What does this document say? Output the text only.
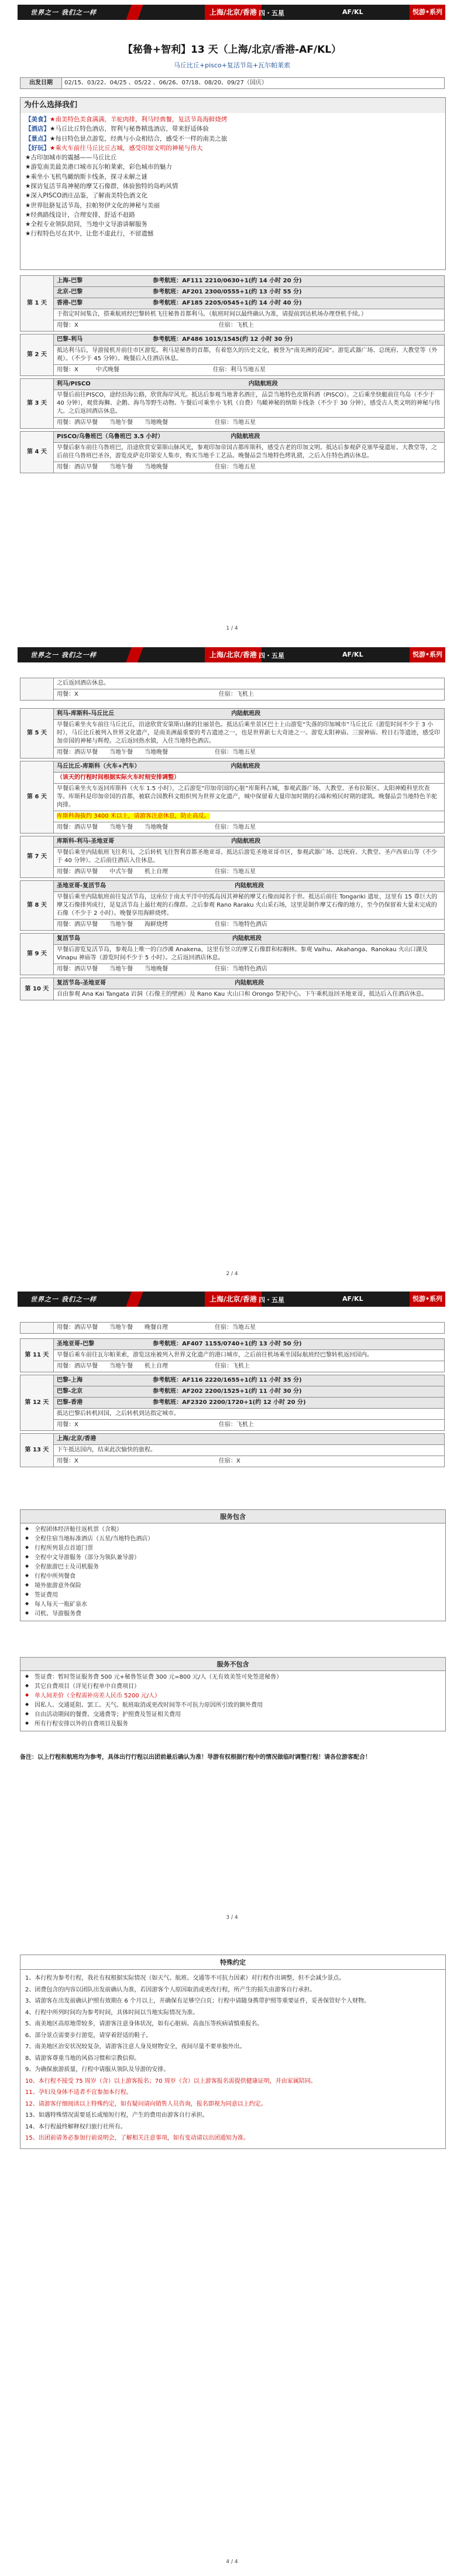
世界之一 我们之一样	上海/北京/香港 四・五星	AF/KL	悦游•系列
【秘鲁+智利】13 天（上海/北京/香港-AF/KL）
马丘比丘+pisco+复活节岛+瓦尔帕莱索
出发日期	02/15、03/22、04/25 、05/22 、06/26、07/18、08/20、09/27（国庆）
为什么选择我们
【美食】★南美特色美食满满，羊驼肉排，利马经典餐，复活节岛海鲜烧烤
【酒店】★马丘比丘特色酒店，智利与秘鲁精选酒店，带来舒适体验
【景点】★每日特色景点游览，经典与小众相结合，感受不一样的南美之旅
【好玩】★乘火车前往马丘比丘古城，感受印加文明的神秘与伟大
★古印加城市的震撼——马丘比丘
★游览南美最美港口城市瓦尔帕莱索，彩色城市的魅力
★乘坐小飞机鸟瞰纳斯卡线条，探寻未解之谜
★探访复活节岛神秘的摩艾石像群，体验独特的岛屿风情
★深入PISCO酒庄品鉴，了解南美特色酒文化
★世界肚脐复活节岛，拉帕努伊文化的神秘与美丽
★经典路线设计，合理安排，舒适不赶路
★全程专业领队陪同，当地中文导游讲解服务
★行程特色尽在其中，让您不虚此行，不留遗憾
第 1 天	上海-巴黎　　　　　　　　　　　　参考航班：AF111 2210/0630+1(约 14 小时 20 分)
北京-巴黎　　　　　　　　　　　　参考航班：AF201 2300/0555+1(约 13 小时 55 分)
香港-巴黎　　　　　　　　　　　　参考航班：AF185 2205/0545+1(约 14 小时 40 分)
于指定时间集合，搭乘航班经巴黎转机飞往秘鲁首都利马。（航班时间以最终确认为准，请提前到达机场办理登机手续。）
用餐：X　　　　　　　　　　　　　　　　　　　　　　　　住宿：飞机上
第 2 天	巴黎-利马　　　　　　　　　　　　参考航班：AF486 1015/1545(约 12 小时 30 分)
抵达利马后，导游接机并前往市区游览。利马是秘鲁的首都，有着悠久的历史文化，被誉为“南美洲的花园”。游览武器广场、总统府、大教堂等（外观）。（不少于 45 分钟）。晚餐后入住酒店休息。
用餐：X　　　中式晚餐　　　　　　　　　　　　　　　　住宿：利马当地五星
第 3 天	利马/PISCO　　　　　　　　　　　　　　　　　　　　　　　　　　　内陆航班段
早餐后前往PISCO，途经沿海公路，欣赏海岸风光。抵达后参观当地著名酒庄，品尝当地特色皮斯科酒（PISCO）。之后乘坐快艇前往鸟岛（不少于 40 分钟），观赏海狮、企鹅、海鸟等野生动物。午餐后可乘坐小飞机（自费）鸟瞰神秘的纳斯卡线条（不少于 30 分钟），感受古人类文明的神秘与伟大。之后返回酒店休息。
用餐：酒店早餐　　当地午餐　　当地晚餐　　　　　　　　住宿：当地五星
第 4 天	PISCO/乌鲁班巴（乌鲁班巴 3.5 小时）　　　　　　　　　　　　内陆航班段
早餐后驱车前往乌鲁班巴，沿途欣赏安第斯山脉风光，参观印加帝国古都库斯科，感受古老的印加文明。抵达后参观萨克塞华曼遗址、大教堂等，之后前往乌鲁班巴圣谷，游览皮萨克印第安人集市，购买当地手工艺品。晚餐品尝当地特色烤乳猪，之后入住特色酒店休息。
用餐：酒店早餐　　当地午餐　　当地晚餐　　　　　　　　住宿：当地五星
1 / 4
世界之一 我们之一样	上海/北京/香港 四・五星	AF/KL	悦游•系列
	之后返回酒店休息。
用餐：X　　　　　　　　　　　　　　　　　　　　　　　　住宿：飞机上
第 5 天	利马-库斯科-马丘比丘　　　　　　　　　　　　　　　　　　　　内陆航班段
早餐后乘坐火车前往马丘比丘，沿途欣赏安第斯山脉的壮丽景色。抵达后乘坐景区巴士上山游览“失落的印加城市”马丘比丘（游览时间不少于 3 小时），马丘比丘被列入世界文化遗产，是南美洲最重要的考古遗迹之一，也是世界新七大奇迹之一。游览太阳神庙、三窗神庙、栓日石等遗迹，感受印加帝国的神秘与辉煌。之后返回热水镇，入住当地特色酒店。
用餐：酒店早餐　　当地午餐　　当地晚餐　　　　　　　　住宿：当地五星
第 6 天	马丘比丘-库斯科（火车+汽车）　　　　　　　　　　　　　　　　内陆航班段
（该天的行程时间根据实际火车时刻安排调整）
早餐后乘坐火车返回库斯科（火车 1.5 小时），之后游览“印加帝国的心脏”库斯科古城，参观武器广场、大教堂、圣布拉斯区、太阳神殿科里坎查等。库斯科是印加帝国的首都，被联合国教科文组织列为世界文化遗产，城中保留着大量印加时期的石墙和殖民时期的建筑。晚餐品尝当地特色羊驼肉排。
库斯科海拔约 3400 米以上，请游客注意休息，防止高反。
用餐：酒店早餐　　当地午餐　　当地晚餐　　　　　　　　住宿：当地五星
第 7 天	库斯科-利马-圣地亚哥　　　　　　　　　　　　　　　　　　　　内陆航班段
早餐后乘坐内陆航班飞往利马，之后转机飞往智利首都圣地亚哥。抵达后游览圣地亚哥市区，参观武器广场、总统府、大教堂、圣卢西亚山等（不少于 40 分钟）。之后前往酒店入住休息。
用餐：酒店早餐　　中式午餐　　机上自理　　　　　　　　住宿：当地五星
第 8 天	圣地亚哥-复活节岛　　　　　　　　　　　　　　　　　　　　　　内陆航班段
早餐后乘坐内陆航班前往复活节岛，这座位于南太平洋中的孤岛因其神秘的摩艾石像而闻名于世。抵达后前往 Tongariki 遗址，这里有 15 尊巨大的摩艾石像排列成行，是复活节岛上最壮观的石像群。之后参观 Rano Raraku 火山采石场，这里是制作摩艾石像的地方，至今仍保留着大量未完成的石像（不少于 2 小时）。晚餐享用海鲜烧烤。
用餐：酒店早餐　　当地午餐　　海鲜烧烤　　　　　　　　住宿：当地特色酒店
第 9 天	复活节岛　　　　　　　　　　　　　　　　　　　　　　　　　　内陆航班段
早餐后游览复活节岛，参观岛上唯一的白沙滩 Anakena，这里有竖立的摩艾石像群和棕榈林。参观 Vaihu、Akahanga、Ranokau 火山口湖及 Vinapu 神庙等（游览时间不少于 5 小时）。之后返回酒店休息。
用餐：酒店早餐　　当地午餐　　当地晚餐　　　　　　　　住宿：当地特色酒店
第 10 天	复活节岛-圣地亚哥　　　　　　　　　　　　　　　　　　　　　　内陆航班段
自由参观 Ana Kai Tangata 岩洞（石像主的壁画）及 Rano Kau 火山口和 Orongo 祭祀中心。下午乘机返回圣地亚哥，抵达后入住酒店休息。
2 / 4
世界之一 我们之一样	上海/北京/香港 四・五星	AF/KL	悦游•系列
	用餐：酒店早餐　　当地午餐　　晚餐自理　　　　　　　　住宿：当地五星
第 11 天	圣地亚哥-巴黎　　　　　　　　　　参考航班：AF407 1155/0740+1(约 13 小时 50 分)
早餐后乘车前往瓦尔帕莱索，游览这座被列入世界文化遗产的港口城市，之后前往机场乘坐国际航班经巴黎转机返回国内。
用餐：酒店早餐　　当地午餐　　机上自理　　　　　　　　住宿：飞机上
第 12 天	巴黎-上海　　　　　　　　　　　　参考航班：AF116 2220/1655+1(约 11 小时 35 分)
巴黎-北京　　　　　　　　　　　　参考航班：AF202 2200/1525+1(约 11 小时 30 分)
巴黎-香港　　　　　　　　　　　　参考航班：AF2320 2200/1720+1(约 12 小时 20 分)
抵达巴黎后转机回国，之后转机到达指定城市。
用餐：X　　　　　　　　　　　　　　　　　　　　　　　　住宿：飞机上
第 13 天	上海/北京/香港
下午抵达国内，结束此次愉快的旅程。
用餐：X　　　　　　　　　　　　　　　　　　　　　　　　住宿：X
服务包含
◆ 全程团体经济舱往返机票（含税）
◆ 全程住宿当地标准酒店（五星/当地特色酒店）
◆ 行程所列景点首道门票
◆ 全程中文导游服务（部分为领队兼导游）
◆ 全程旅游巴士及司机服务
◆ 行程中所列餐食
◆ 境外旅游意外保险
◆ 签证费用
◆ 每人每天一瓶矿泉水
◆ 司机、导游服务费
服务不包含
◆ 签证费：暂时签证服务费 500 元+秘鲁签证费 300 元=800 元/人（无有效美签可免签进秘鲁）
◆ 其它自费项目（详见行程单中自费项目）
◆ 单人间差价（全程需补房差人民币 5200 元/人）
◆ 因私人、交通延阻、罢工、天气、航班取消或更改时间等不可抗力原因所引致的额外费用
◆ 自由活动期间的餐费、交通费等；护照费及签证相关费用
◆ 所有行程安排以外的自费项目及服务
备注：以上行程和航班均为参考，具体出行行程以出团前最后确认为准！导游有权根据行程中的情况做临时调整行程！请各位游客配合！
3 / 4
特殊约定

1、本行程为参考行程，我社有权根据实际情况（如天气、航班、交通等不可抗力因素）对行程作出调整，但不会减少景点。

2、团费包含的内容以团队出发前确认为准，若因游客个人原因取消或更改行程，所产生的损失由游客自行承担。

3、请游客在出发前确认护照有效期在 6 个月以上，并确保有足够空白页；行程中请随身携带护照等重要证件，妥善保管好个人财物。

4、行程中所列时间均为参考时间，具体时间以当地实际情况为准。

5、南美地区高原地带较多，请游客注意身体状况，如有心脏病、高血压等疾病请慎重报名。

6、部分景点需要步行游览，请穿着舒适的鞋子。

7、南美地区治安状况较复杂，请游客注意人身及财物安全，夜间尽量不要单独外出。

8、请游客尊重当地的风俗习惯和宗教信仰。

9、为确保旅游质量，行程中请服从领队及导游的安排。

10、本行程不接受 75 周岁（含）以上游客报名；70 周岁（含）以上游客报名需提供健康证明，并由家属陪同。

11、孕妇及身体不适者不宜参加本行程。

12、请游客仔细阅读以上特殊约定，如有疑问请向销售人员咨询，报名即视为同意以上约定。

13、如遇特殊情况需要延长或缩短行程，产生的费用由游客自行承担。

14、本行程最终解释权归旅行社所有。

15、出团前请务必参加行前说明会，了解相关注意事项，如有变动请以出团通知为准。

4 / 4
